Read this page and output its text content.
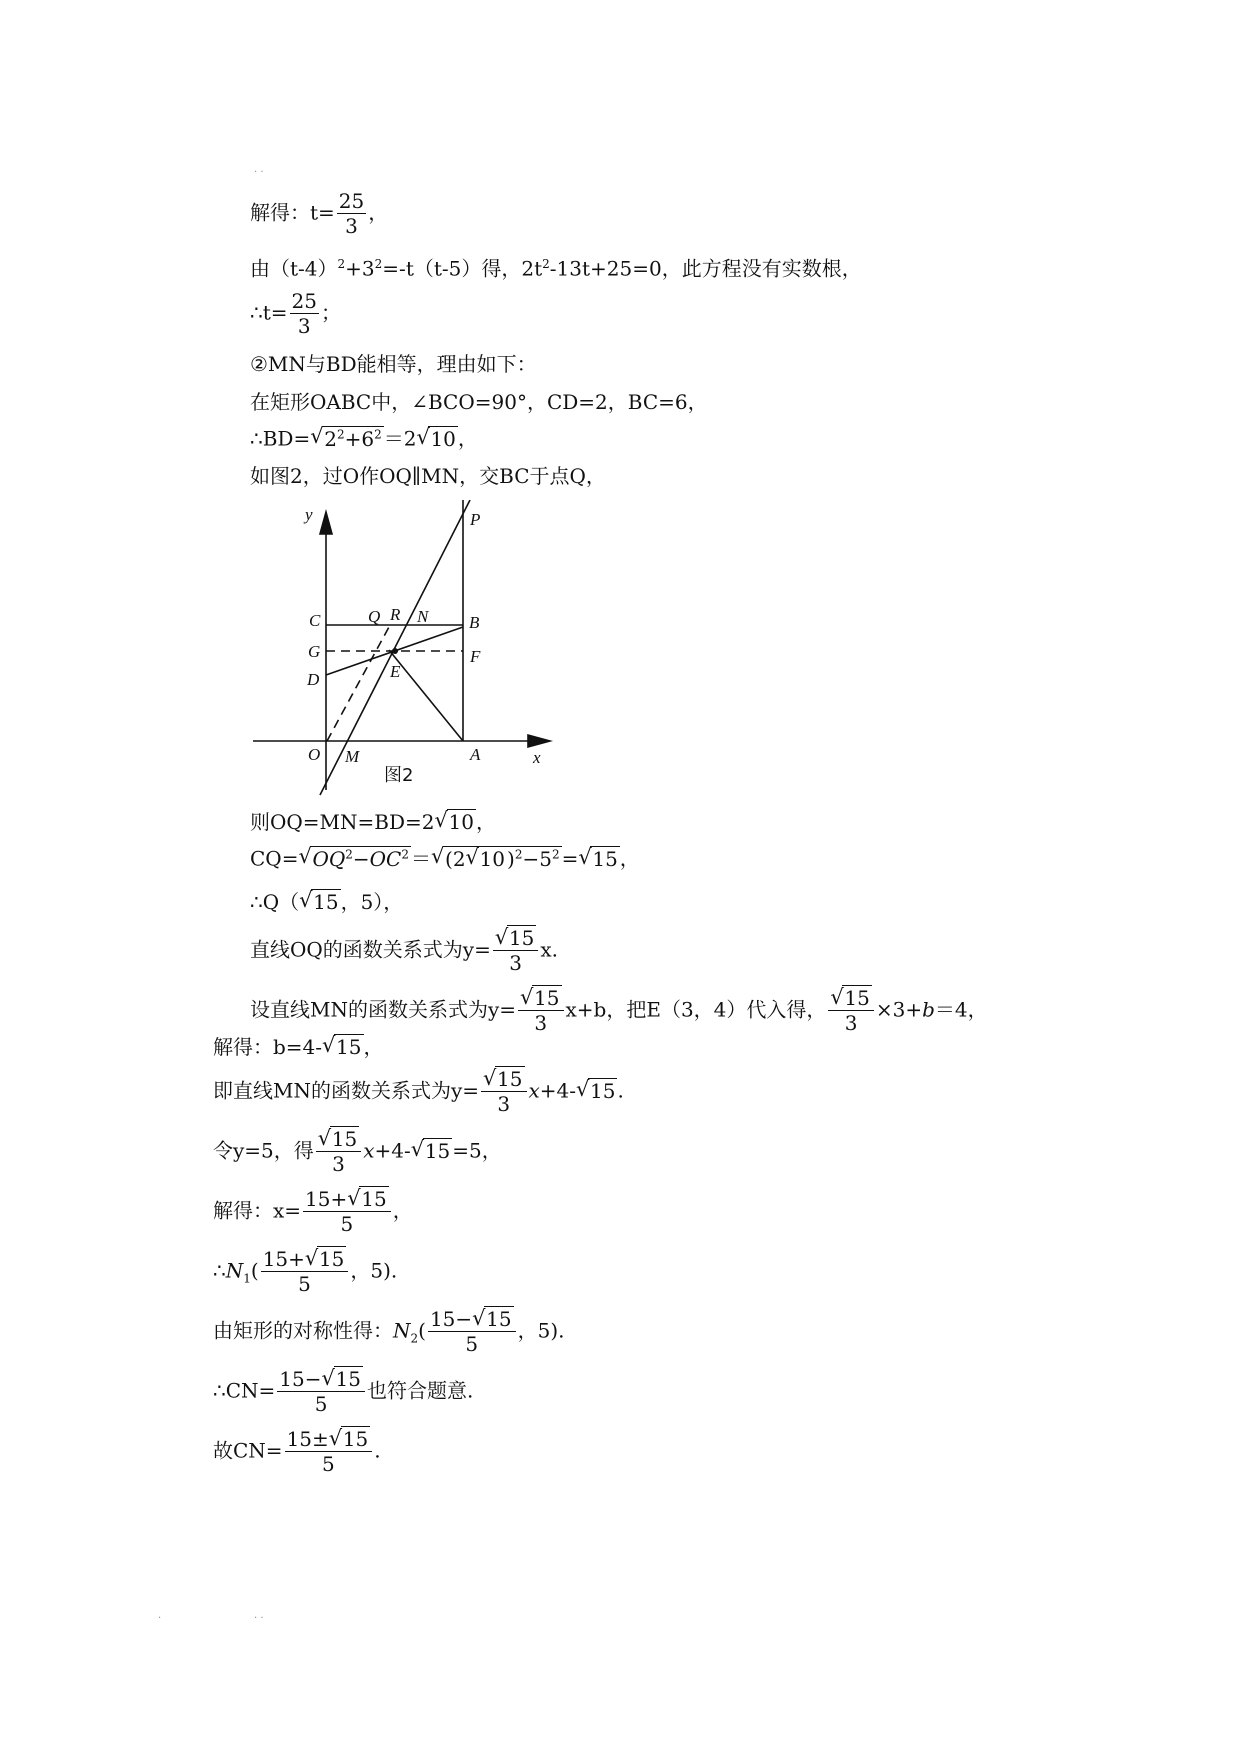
. .
解得：$t= \frac{25}{3}$ ，
由$(t-4)^2+3^2=-t(t-5)$得，$2t^2-13t+25=0$，此方程没有实数根，
∴t= $\frac{25}{3}$ ；
②MN与BD能相等，理由如下：
在矩形OABC中，∠BCO=90°，CD=2，BC=6，
∴BD=√ $2^2+6^2 =2√$ 10 ，
如图2，过O作OQ∥MN，交BC于点Q，
y	P
C	Q R N B
G	F
D	E
O M	A	x
图2
则OQ=MN=BD=2√ 10 ，
CQ=√ $OQ^2-OC^2$ ＝√ (2√ 10 )$^2-5^2$ =√ 15 ，
∴Q（√ 15 ，5），
直线OQ的函数关系式为y=
√ $\frac{15}{3} x$.
设直线MN的函数关系式为y=
√ $\frac{15}{3} x+b$，把E（3，4）代入得，
√ $\frac{15}{3} \times 3+b=4$，
解得：b=4-√ 15 ，
即直线MN的函数关系式为y=
√ $\frac{15}{3} x+4-√$ 15 .
令y=5，得
√ $\frac{15}{3} x+4-√$ 15 =5，
解得：$x= \frac{15+√ 15}{5}$ ，
$\therefore N_1( \frac{15+√ 15}{5}$ ，5).
由矩形的对称性得：$N_2( \frac{15-√ 15}{5}$ ，5).
∴CN= $\frac{15-√ 15}{5}$ 也符合题意.
故$CN= \frac{15\pm√ 15}{5}$ .
.	. .
